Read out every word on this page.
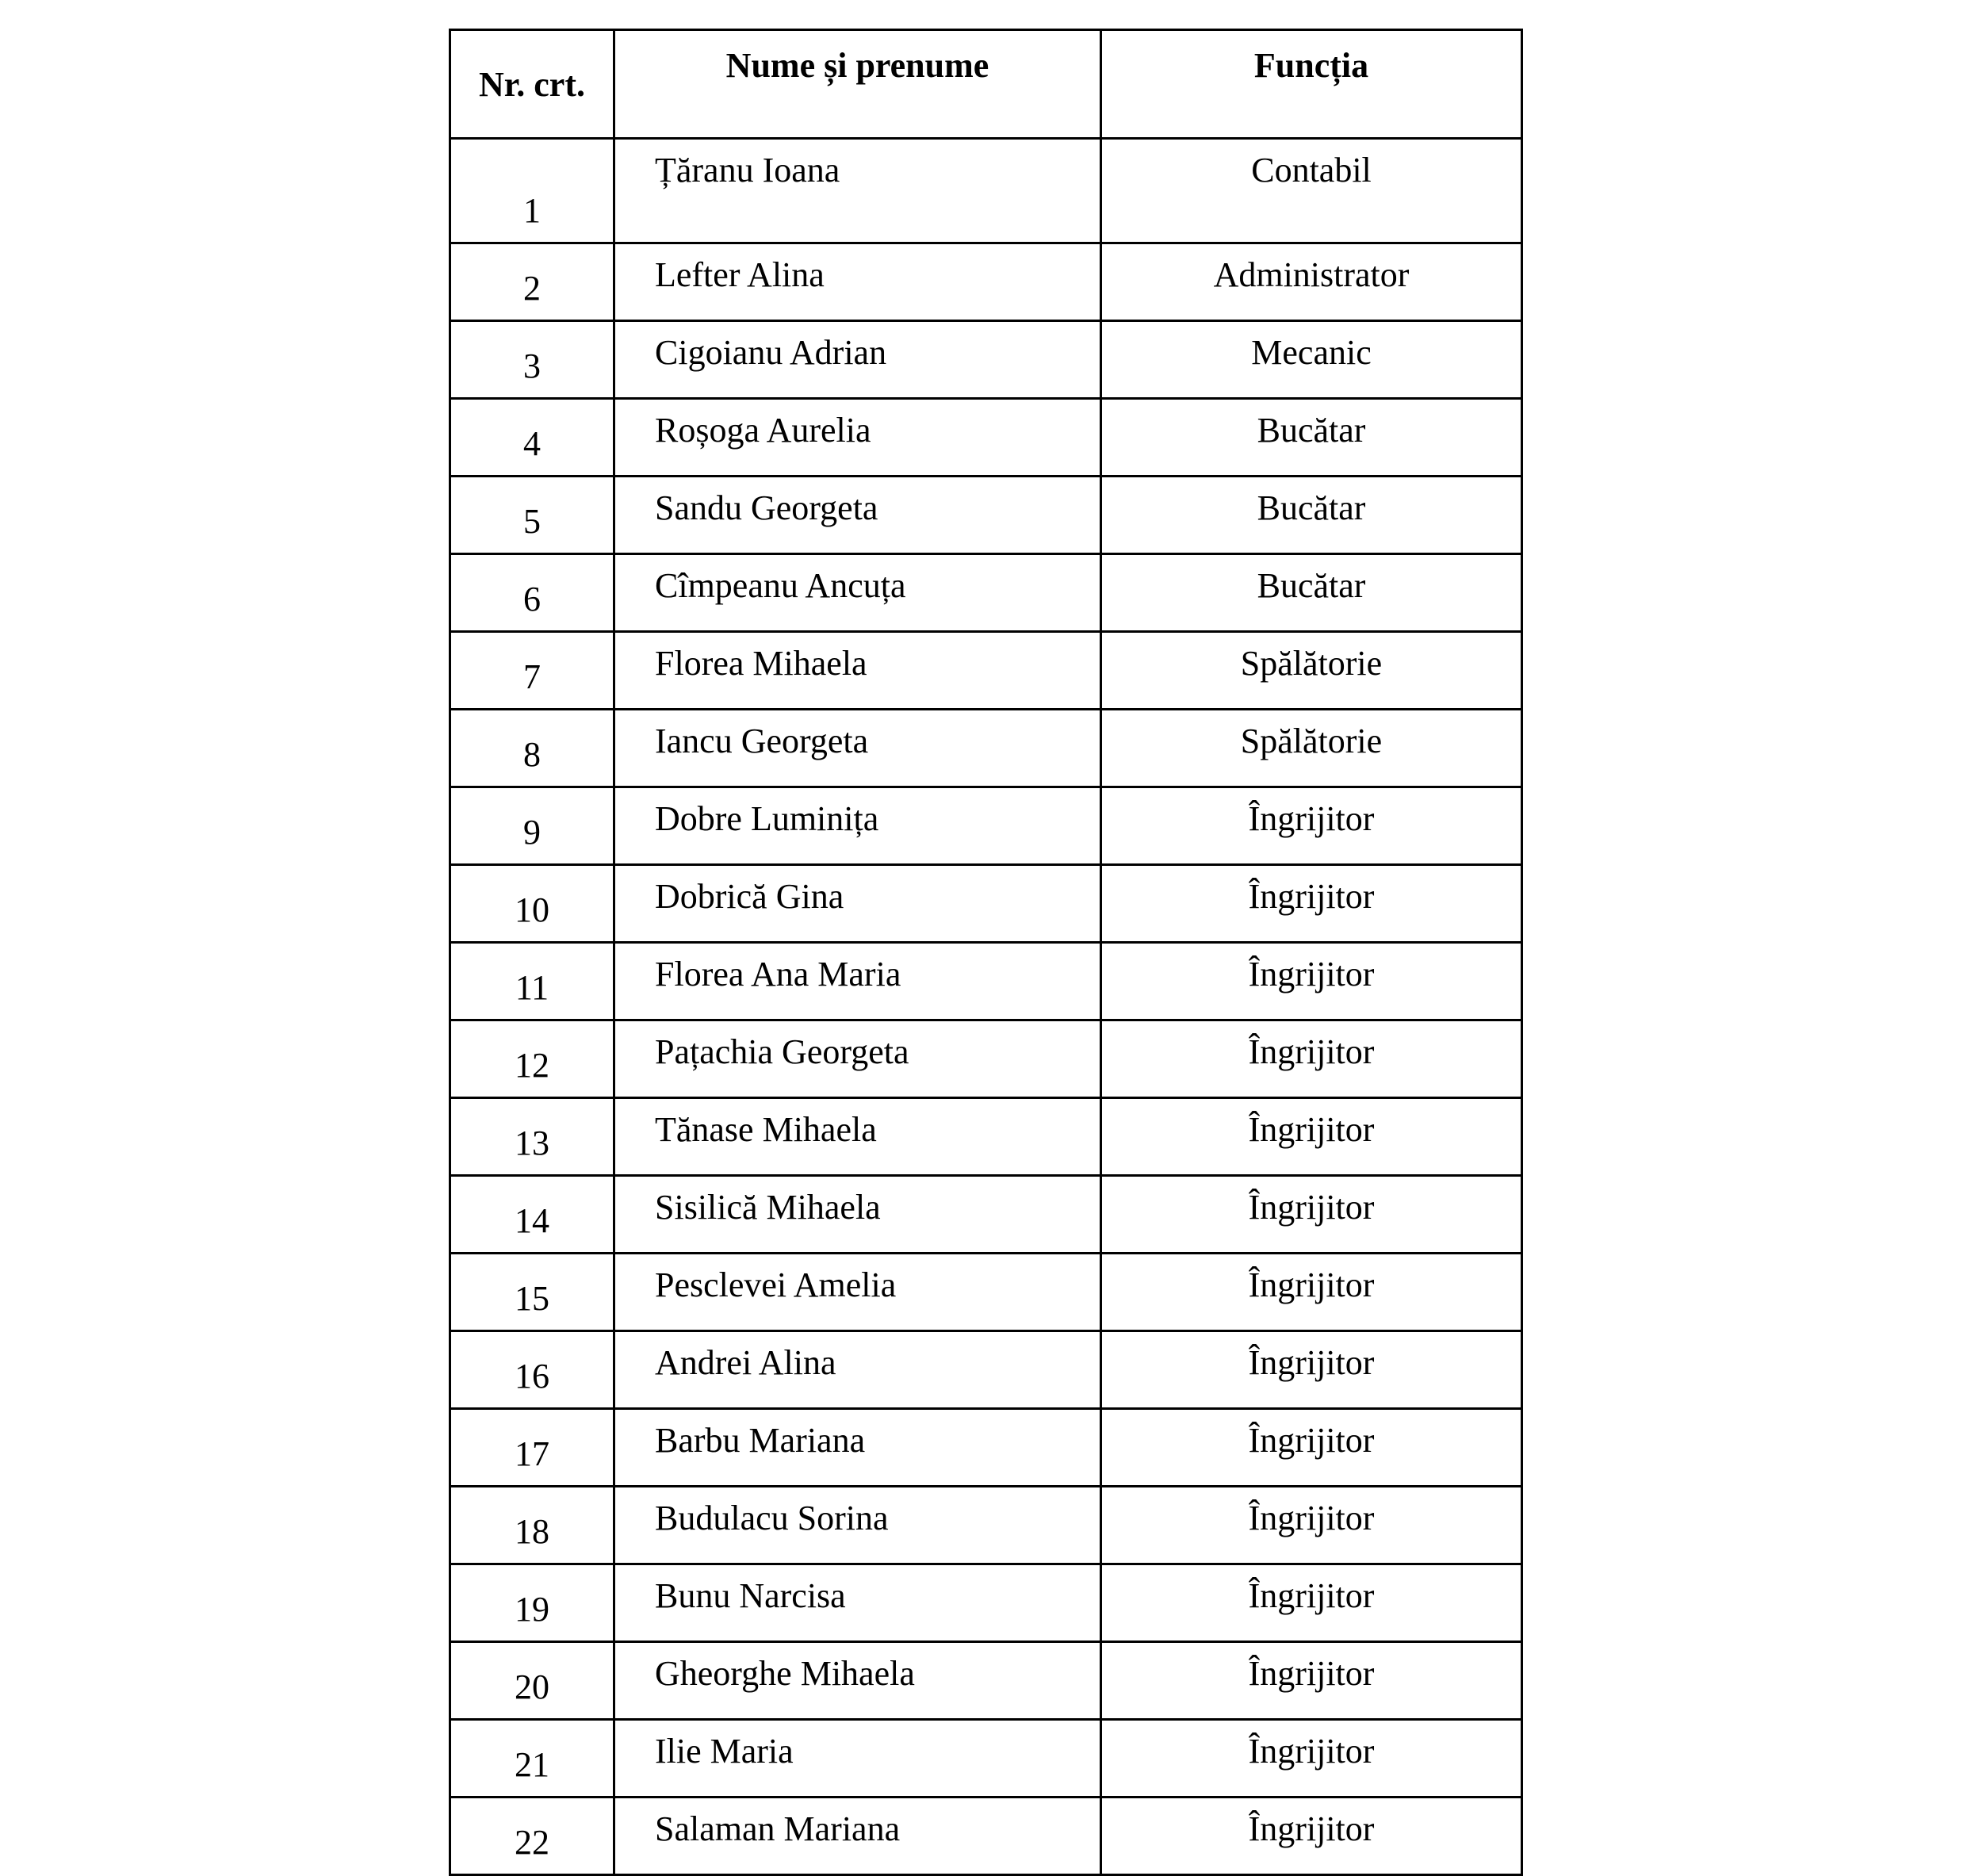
Nr. crt.	Nume și prenume	Funcția
1	Țăranu Ioana	Contabil
2	Lefter Alina	Administrator
3	Cigoianu Adrian	Mecanic
4	Roșoga Aurelia	Bucătar
5	Sandu Georgeta	Bucătar
6	Cîmpeanu Ancuța	Bucătar
7	Florea Mihaela	Spălătorie
8	Iancu Georgeta	Spălătorie
9	Dobre Luminița	Îngrijitor
10	Dobrică Gina	Îngrijitor
11	Florea Ana Maria	Îngrijitor
12	Pațachia Georgeta	Îngrijitor
13	Tănase Mihaela	Îngrijitor
14	Sisilică Mihaela	Îngrijitor
15	Pesclevei Amelia	Îngrijitor
16	Andrei Alina	Îngrijitor
17	Barbu Mariana	Îngrijitor
18	Budulacu Sorina	Îngrijitor
19	Bunu Narcisa	Îngrijitor
20	Gheorghe Mihaela	Îngrijitor
21	Ilie Maria	Îngrijitor
22	Salaman Mariana	Îngrijitor
